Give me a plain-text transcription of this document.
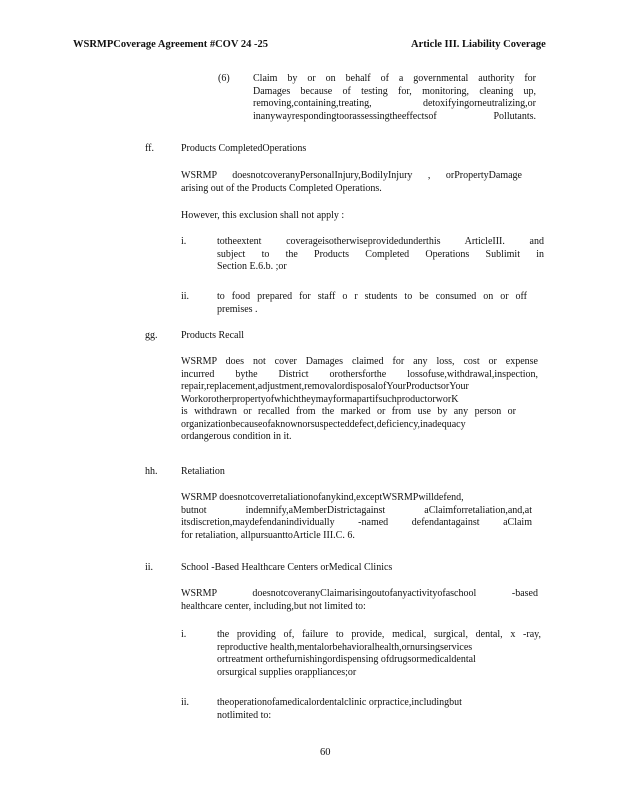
WSRMPCoverage Agreement #COV 24 -25	Article III. Liability Coverage
(6) Claim by or on behalf of a governmental authority for
Damages because of testing for, monitoring, cleaning up,
removing,containing,treating, detoxifyingorneutralizing,or
inanywayrespondingtoorassessingtheeffectsof Pollutants.
ff.	Products CompletedOperations
WSRMP doesnotcoveranyPersonalInjury,BodilyInjury , orPropertyDamage
arising out of the Products Completed Operations.
However, this exclusion shall not apply :
i.	totheextent coverageisotherwiseprovidedunderthis ArticleIII. and
subject to the Products Completed Operations Sublimit in
Section E.6.b. ;or
ii.	to food prepared for staff o r students to be consumed on or off
premises .
gg. Products Recall
WSRMP does not cover Damages claimed for any loss, cost or expense
incurred bythe District orothersforthe lossofuse,withdrawal,inspection,
repair,replacement,adjustment,removalordisposalofYourProductsorYour
WorkorotherpropertyofwhichtheymayformapartifsuchproductorworK
is withdrawn or recalled from the marked or from use by any person or
organizationbecauseofaknownorsuspecteddefect,deficiency,inadequacy
ordangerous condition in it.
hh. Retaliation
WSRMP doesnotcoverretaliationofanykind,exceptWSRMPwilldefend,
butnot indemnify,aMemberDistrictagainst aClaimforretaliation,and,at
itsdiscretion,maydefendanindividually -named defendantagainst aClaim
for retaliation, allpursuanttoArticle III.C. 6.
ii.	School -Based Healthcare Centers orMedical Clinics
WSRMP doesnotcoveranyClaimarisingoutofanyactivityofaschool -based
healthcare center, including,but not limited to:
i.	the providing of, failure to provide, medical, surgical, dental, x -ray,
reproductive health,mentalorbehavioralhealth,ornursingservices
ortreatment orthefurnishingordispensing ofdrugsormedicaldental
orsurgical supplies orappliances;or
ii.	theoperationofamedicalordentalclinic orpractice,includingbut
notlimited to:
60
